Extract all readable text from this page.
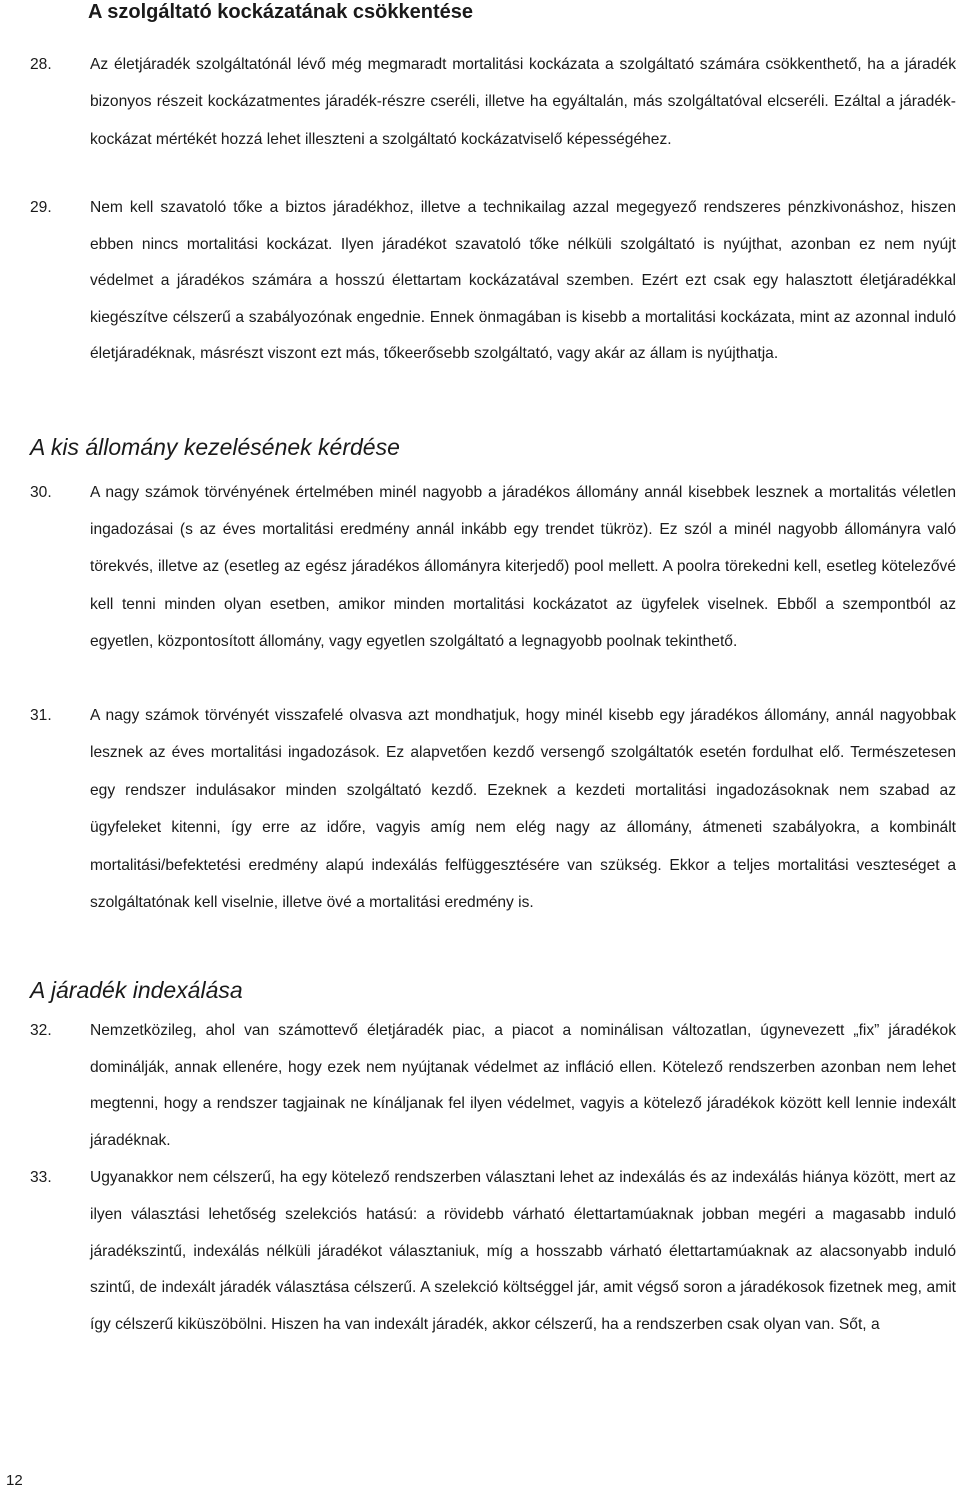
A szolgáltató kockázatának csökkentése
28.	Az életjáradék szolgáltatónál lévő még megmaradt mortalitási kockázata a szolgáltató számára csökkenthető, ha a járadék bizonyos részeit kockázatmentes járadék-részre cseréli, illetve ha egyáltalán, más szolgáltatóval elcseréli. Ezáltal a járadék-kockázat mértékét hozzá lehet illeszteni a szolgáltató kockázatviselő képességéhez.

29.	Nem kell szavatoló tőke a biztos járadékhoz, illetve a technikailag azzal megegyező rendszeres pénzkivonáshoz, hiszen ebben nincs mortalitási kockázat. Ilyen járadékot szavatoló tőke nélküli szolgáltató is nyújthat, azonban ez nem nyújt védelmet a járadékos számára a hosszú élettartam kockázatával szemben. Ezért ezt csak egy halasztott életjáradékkal kiegészítve célszerű a szabályozónak engednie. Ennek önmagában is kisebb a mortalitási kockázata, mint az azonnal induló életjáradéknak, másrészt viszont ezt más, tőkeerősebb szolgáltató, vagy akár az állam is nyújthatja.

A kis állomány kezelésének kérdése
30.	A nagy számok törvényének értelmében minél nagyobb a járadékos állomány annál kisebbek lesznek a mortalitás véletlen ingadozásai (s az éves mortalitási eredmény annál inkább egy trendet tükröz). Ez szól a minél nagyobb állományra való törekvés, illetve az (esetleg az egész járadékos állományra kiterjedő) pool mellett. A poolra törekedni kell, esetleg kötelezővé kell tenni minden olyan esetben, amikor minden mortalitási kockázatot az ügyfelek viselnek. Ebből a szempontból az egyetlen, központosított állomány, vagy egyetlen szolgáltató a legnagyobb poolnak tekinthető.

31.	A nagy számok törvényét visszafelé olvasva azt mondhatjuk, hogy minél kisebb egy járadékos állomány, annál nagyobbak lesznek az éves mortalitási ingadozások. Ez alapvetően kezdő versengő szolgáltatók esetén fordulhat elő. Természetesen egy rendszer indulásakor minden szolgáltató kezdő. Ezeknek a kezdeti mortalitási ingadozásoknak nem szabad az ügyfeleket kitenni, így erre az időre, vagyis amíg nem elég nagy az állomány, átmeneti szabályokra, a kombinált mortalitási/befektetési eredmény alapú indexálás felfüggesztésére van szükség. Ekkor a teljes mortalitási veszteséget a szolgáltatónak kell viselnie, illetve övé a mortalitási eredmény is.

A járadék indexálása
32.	Nemzetközileg, ahol van számottevő életjáradék piac, a piacot a nominálisan változatlan, úgynevezett „fix” járadékok dominálják, annak ellenére, hogy ezek nem nyújtanak védelmet az infláció ellen. Kötelező rendszerben azonban nem lehet megtenni, hogy a rendszer tagjainak ne kínáljanak fel ilyen védelmet, vagyis a kötelező járadékok között kell lennie indexált járadéknak.

33.	Ugyanakkor nem célszerű, ha egy kötelező rendszerben választani lehet az indexálás és az indexálás hiánya között, mert az ilyen választási lehetőség szelekciós hatású: a rövidebb várható élettartamúaknak jobban megéri a magasabb induló járadékszintű, indexálás nélküli járadékot választaniuk, míg a hosszabb várható élettartamúaknak az alacsonyabb induló szintű, de indexált járadék választása célszerű. A szelekció költséggel jár, amit végső soron a járadékosok fizetnek meg, amit így célszerű kiküszöbölni. Hiszen ha van indexált járadék, akkor célszerű, ha a rendszerben csak olyan van. Sőt, a

12
